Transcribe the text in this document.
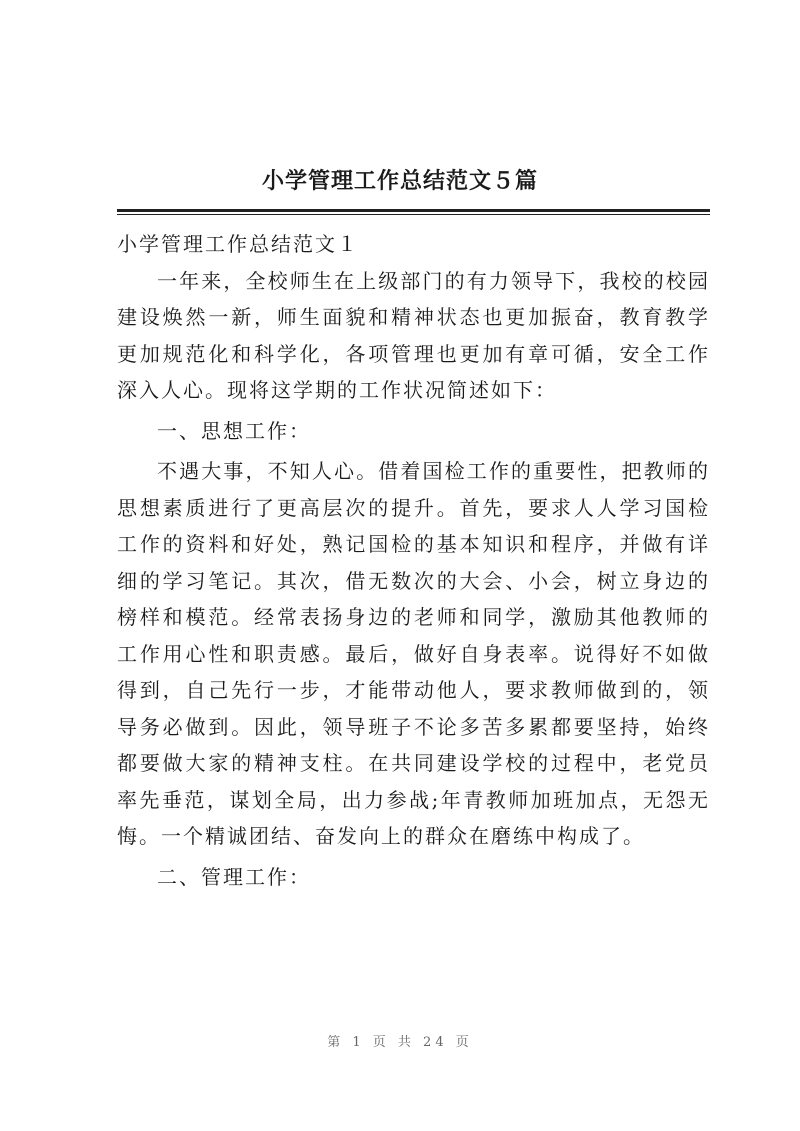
小学管理工作总结范文５篇

小学管理工作总结范文１

一年来，全校师生在上级部门的有力领导下，我校的校园建设焕然一新，师生面貌和精神状态也更加振奋，教育教学更加规范化和科学化，各项管理也更加有章可循，安全工作深入人心。现将这学期的工作状况简述如下：

一、思想工作：

不遇大事，不知人心。借着国检工作的重要性，把教师的思想素质进行了更高层次的提升。首先，要求人人学习国检工作的资料和好处，熟记国检的基本知识和程序，并做有详细的学习笔记。其次，借无数次的大会、小会，树立身边的榜样和模范。经常表扬身边的老师和同学，激励其他教师的工作用心性和职责感。最后，做好自身表率。说得好不如做得到，自己先行一步，才能带动他人，要求教师做到的，领导务必做到。因此，领导班子不论多苦多累都要坚持，始终都要做大家的精神支柱。在共同建设学校的过程中，老党员率先垂范，谋划全局，出力参战;年青教师加班加点，无怨无悔。一个精诚团结、奋发向上的群众在磨练中构成了。

二、管理工作：

第 1 页 共 24 页
